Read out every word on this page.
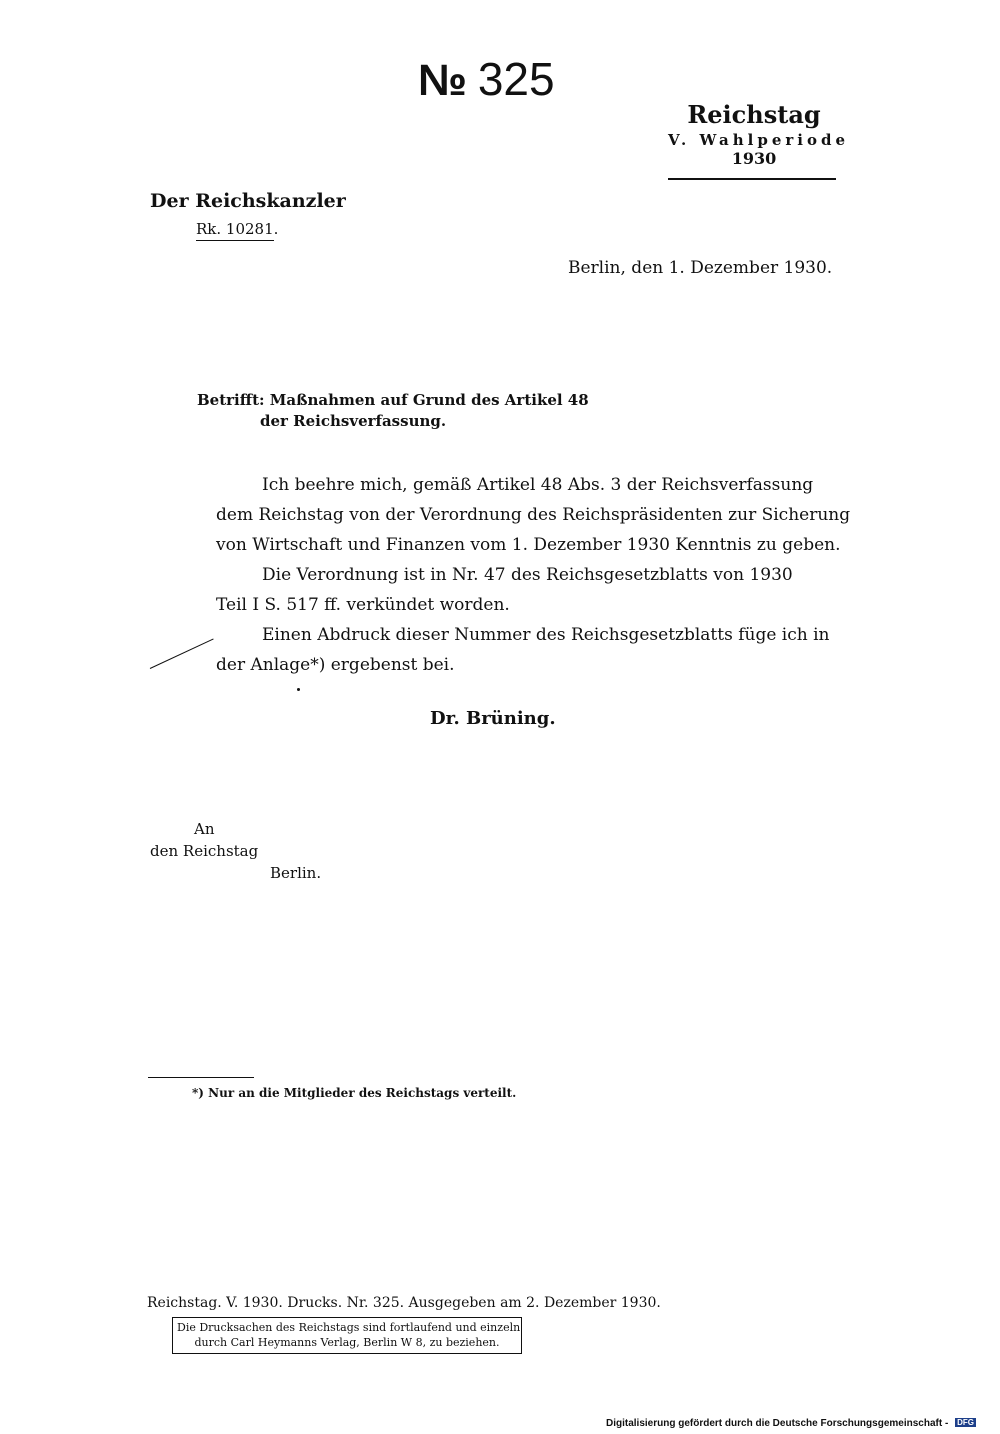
№ 325
Reichstag
V. Wahlperiode
1930
Der Reichskanzler
Rk. 10281.
Berlin, den 1. Dezember 1930.
Betrifft: Maßnahmen auf Grund des Artikel 48
der Reichsverfassung.
Ich beehre mich, gemäß Artikel 48 Abs. 3 der Reichsverfassung
dem Reichstag von der Verordnung des Reichspräsidenten zur Sicherung
von Wirtschaft und Finanzen vom 1. Dezember 1930 Kenntnis zu geben.
Die Verordnung ist in Nr. 47 des Reichsgesetzblatts von 1930
Teil I S. 517 ff. verkündet worden.
Einen Abdruck dieser Nummer des Reichsgesetzblatts füge ich in
der Anlage*) ergebenst bei.
Dr. Brüning.
An
den Reichstag
Berlin.
*) Nur an die Mitglieder des Reichstags verteilt.
Reichstag. V. 1930. Drucks. Nr. 325. Ausgegeben am 2. Dezember 1930.
Die Drucksachen des Reichstags sind fortlaufend und einzeln
durch Carl Heymanns Verlag, Berlin W 8, zu beziehen.
Digitalisierung gefördert durch die Deutsche Forschungsgemeinschaft - DFG
